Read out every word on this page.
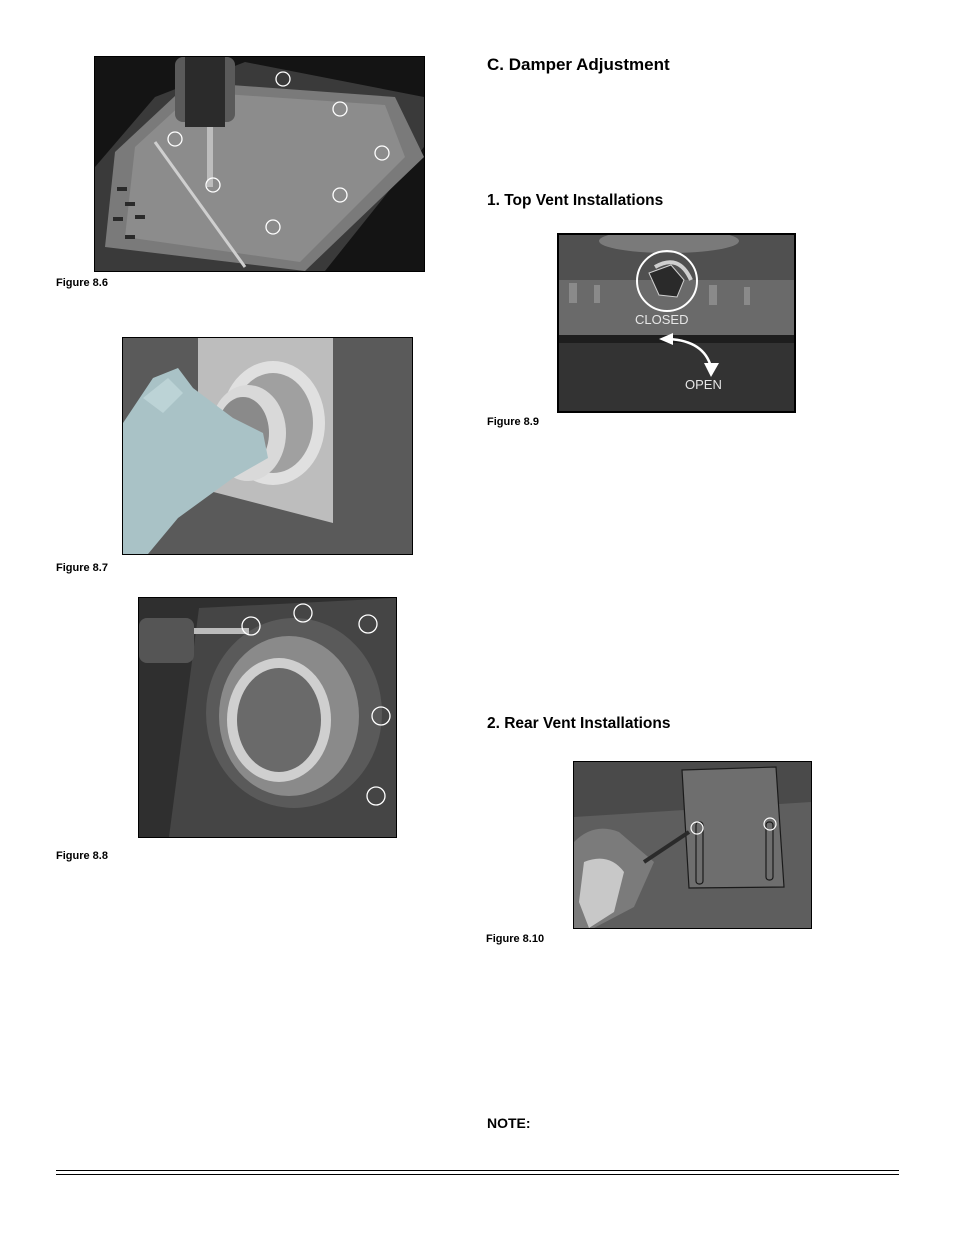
Figure 8.6
Figure 8.7
Figure 8.8
C. Damper Adjustment
1. Top Vent Installations
CLOSED
OPEN
Figure 8.9
2. Rear Vent Installations
Figure 8.10
NOTE:
